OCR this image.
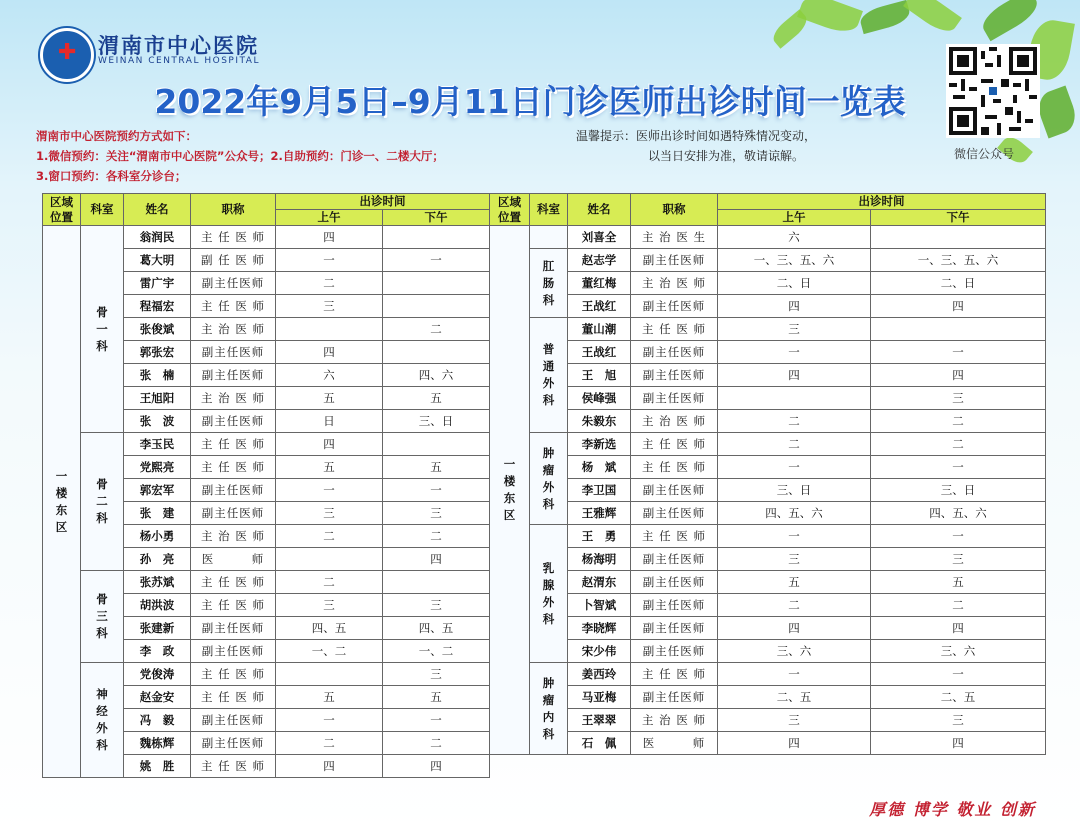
✚ 渭南市中心医院
WEINAN CENTRAL HOSPITAL
2022年9月5日–9月11日门诊医师出诊时间一览表
微信公众号
渭南市中心医院预约方式如下：
1.微信预约：关注“渭南市中心医院”公众号；2.自助预约：门诊一、二楼大厅；
3.窗口预约：各科室分诊台；
温馨提示：医师出诊时间如遇特殊情况变动，
以当日安排为准，敬请谅解。
区域位置	科室	姓名	职称	出诊时间	
				上午	下午

一楼东区	骨一科	翁润民	主 任 医 师	四	
		葛大明	副 任 医 师	一	一
		雷广宇	副主任医师	二	
		程福宏	主 任 医 师	三	
		张俊斌	主 治 医 师		二
		郭张宏	副主任医师	四	
		张　楠	副主任医师	六	四、六
		王旭阳	主 治 医 师	五	五
		张　波	副主任医师	日	三、日

	骨二科	李玉民	主 任 医 师	四	
		党熙亮	主 任 医 师	五	五
		郭宏军	副主任医师	一	一
		张　建	副主任医师	三	三
		杨小勇	主 治 医 师	二	二
		孙　亮	医　　　师		四

	骨三科	张苏斌	主 任 医 师	二	
		胡洪波	主 任 医 师	三	三
		张建新	副主任医师	四、五	四、五
		李　政	副主任医师	一、二	一、二

	神经外科	党俊涛	主 任 医 师		三
		赵金安	主 任 医 师	五	五
		冯　毅	副主任医师	一	一
		魏栋辉	副主任医师	二	二
		姚　胜	主 任 医 师	四	四
区域位置	科室	姓名	职称	出诊时间	
				上午	下午

一楼东区		刘喜全	主 治 医 生	六	

	肛肠科	赵志学	副主任医师	一、三、五、六	一、三、五、六
		董红梅	主 治 医 师	二、日	二、日
		王战红	副主任医师	四	四

	普通外科	董山潮	主 任 医 师	三	
		王战红	副主任医师	一	一
		王　旭	副主任医师	四	四
		侯峰强	副主任医师		三
		朱毅东	主 治 医 师	二	二

	肿瘤外科	李新选	主 任 医 师	二	二
		杨　斌	主 任 医 师	一	一
		李卫国	副主任医师	三、日	三、日
		王雅辉	副主任医师	四、五、六	四、五、六

	乳腺外科	王　勇	主 任 医 师	一	一
		杨海明	副主任医师	三	三
		赵渭东	副主任医师	五	五
		卜智斌	副主任医师	二	二
		李晓辉	副主任医师	四	四
		宋少伟	副主任医师	三、六	三、六

	肿瘤内科	姜西玲	主 任 医 师	一	一
		马亚梅	副主任医师	二、五	二、五
		王翠翠	主 治 医 师	三	三
		石　佩	医　　　师	四	四
厚德 博学 敬业 创新
